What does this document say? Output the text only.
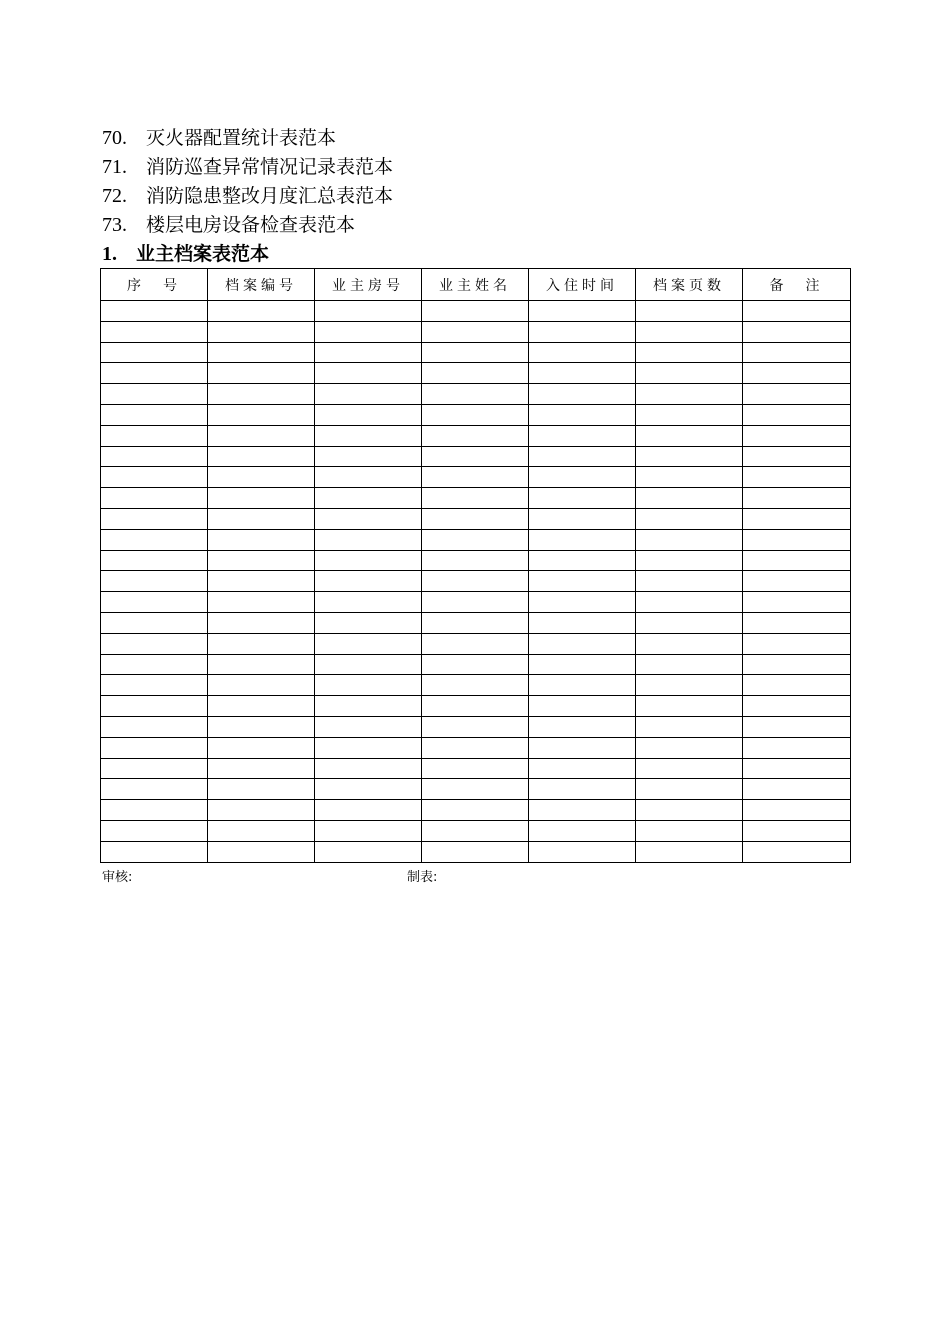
70. 灭火器配置统计表范本
71. 消防巡查异常情况记录表范本
72. 消防隐患整改月度汇总表范本
73. 楼层电房设备检查表范本
1. 业主档案表范本
序　号	档案编号	业主房号	业主姓名	入住时间	档案页数	备　注

审核:	制表:
